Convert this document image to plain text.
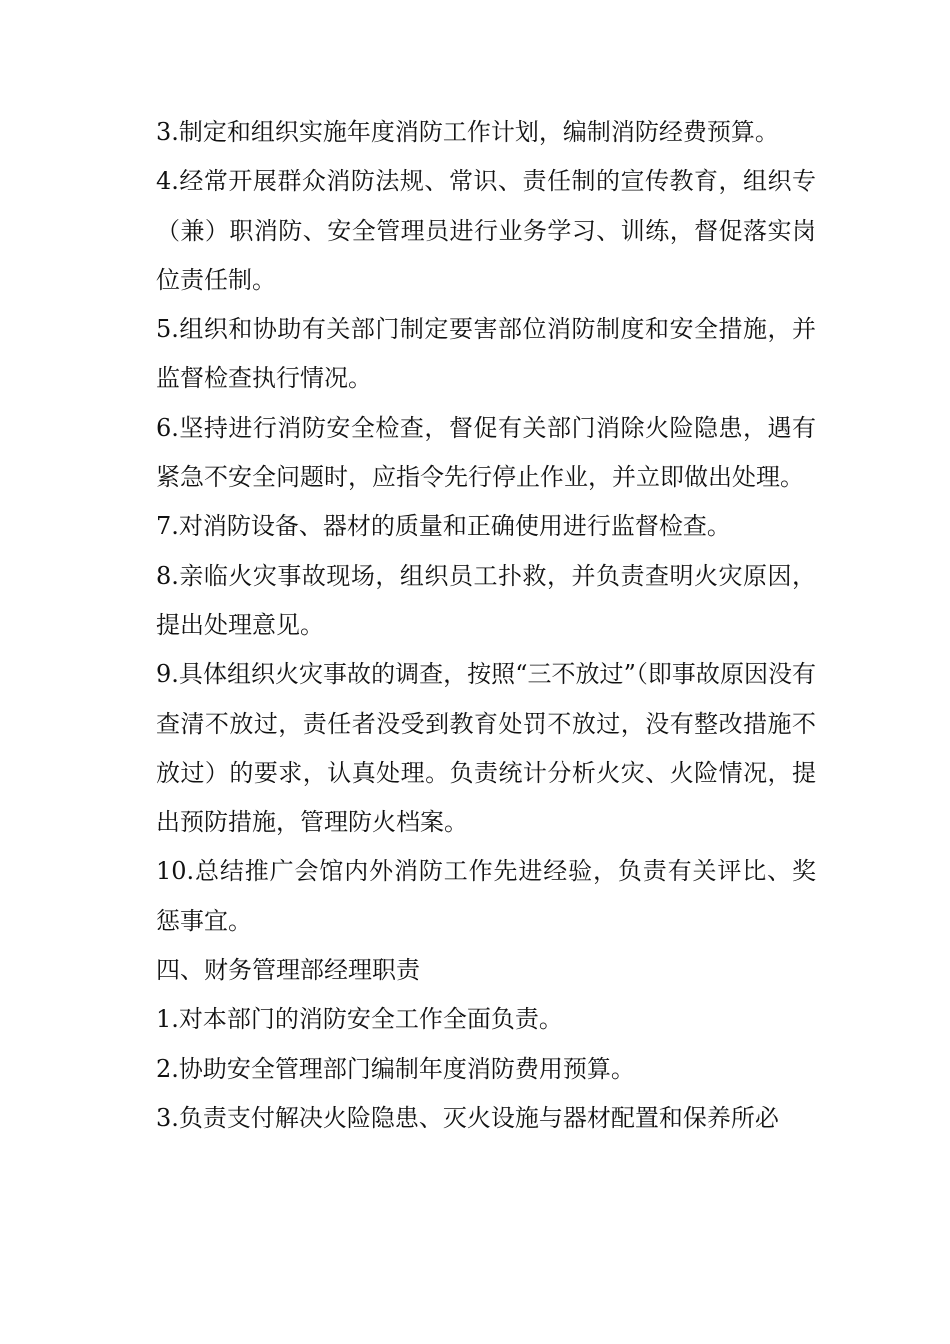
3.制定和组织实施年度消防工作计划，编制消防经费预算。

4.经常开展群众消防法规、常识、责任制的宣传教育，组织专（兼）职消防、安全管理员进行业务学习、训练，督促落实岗位责任制。

5.组织和协助有关部门制定要害部位消防制度和安全措施，并监督检查执行情况。

6.坚持进行消防安全检查，督促有关部门消除火险隐患，遇有紧急不安全问题时，应指令先行停止作业，并立即做出处理。

7.对消防设备、器材的质量和正确使用进行监督检查。

8.亲临火灾事故现场，组织员工扑救，并负责查明火灾原因，提出处理意见。

9.具体组织火灾事故的调查，按照“三不放过”（即事故原因没有查清不放过，责任者没受到教育处罚不放过，没有整改措施不放过）的要求，认真处理。负责统计分析火灾、火险情况，提出预防措施，管理防火档案。

10.总结推广会馆内外消防工作先进经验，负责有关评比、奖惩事宜。

四、财务管理部经理职责

1.对本部门的消防安全工作全面负责。

2.协助安全管理部门编制年度消防费用预算。

3.负责支付解决火险隐患、灭火设施与器材配置和保养所必
